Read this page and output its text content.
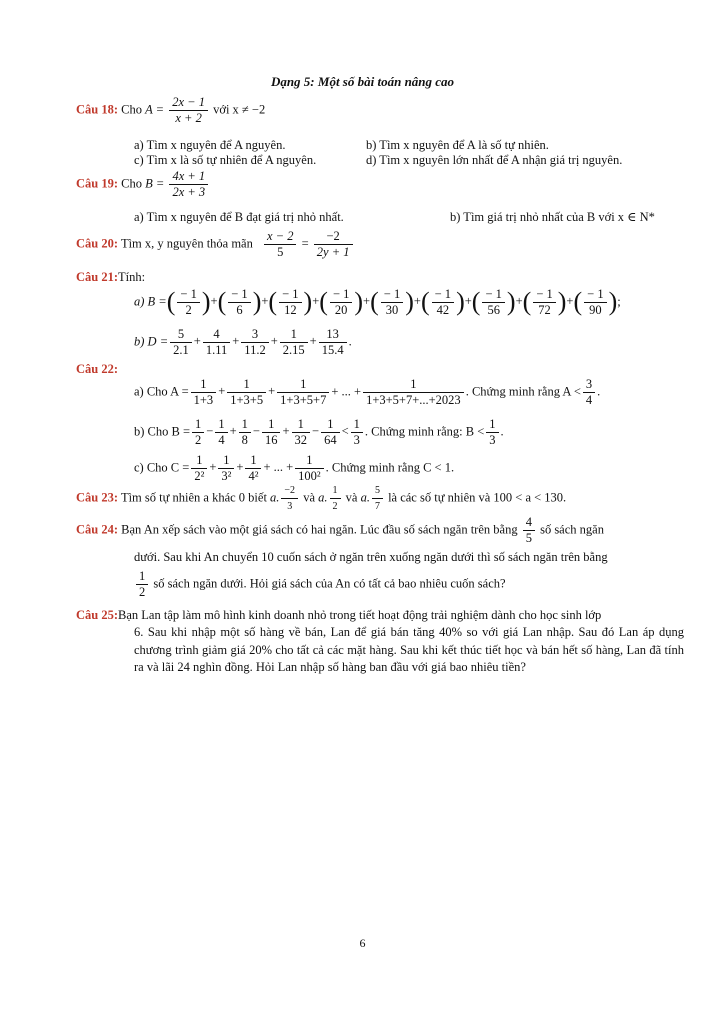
Dạng 5: Một số bài toán nâng cao
Câu 18: Cho $A = \frac{2x - 1}{x + 2}$ với x ≠ −2
a) Tìm x nguyên để A nguyên.	b) Tìm x nguyên để A là số tự nhiên.
c) Tìm x là số tự nhiên để A nguyên.	d) Tìm x nguyên lớn nhất để A nhận giá trị nguyên.
Câu 19: Cho $B = \frac{4x + 1}{2x + 3}$
a) Tìm x nguyên để B đạt giá trị nhỏ nhất.	b) Tìm giá trị nhỏ nhất của B với x ∈ N*
Câu 20: Tìm x, y nguyên thỏa mãn $\frac{x - 2}{5} = \frac{-2}{2y + 1}$
Câu 21:Tính:
a) B =( $\frac{- 1}{2}$ )+( $\frac{- 1}{6}$ )+( $\frac{- 1}{12}$ )+( $\frac{- 1}{20}$ )+( $\frac{- 1}{30}$ )+( $\frac{- 1}{42}$ )+( $\frac{- 1}{56}$ )+( $\frac{- 1}{72}$ )+( $\frac{- 1}{90}$ );
b) $D = \frac{5}{2.1} + \frac{4}{1.11} + \frac{3}{11.2} + \frac{1}{2.15} + \frac{13}{15.4}$ .
Câu 22:
a) Cho $A = \frac{1}{1+3} + \frac{1}{1+3+5} + \frac{1}{1+3+5+7}$ + ... + $\frac{1}{1+3+5+7+...+2023}$ . Chứng minh rằng $A < \frac{3}{4}$ .
b) Cho $B = \frac{1}{2} - \frac{1}{4} + \frac{1}{8} - \frac{1}{16} + \frac{1}{32} - \frac{1}{64} < \frac{1}{3}$ . Chứng minh rằng: $B < \frac{1}{3}$ .
c) Cho $C = \frac{1}{\text{2²}} + \frac{1}{\text{3²}} + \frac{1}{\text{4²}}$ + ... + $\frac{1}{\text{100²}}$ . Chứng minh rằng C < 1.
Câu 23: Tìm số tự nhiên a khác 0 biết a. $\frac{-2}{3}$ và a. $\frac{1}{2}$ và a. $\frac{5}{7}$ là các số tự nhiên và 100 < a < 130.
Câu 24: Bạn An xếp sách vào một giá sách có hai ngăn. Lúc đầu số sách ngăn trên bằng $\frac{4}{5}$ số sách ngăn
dưới. Sau khi An chuyển 10 cuốn sách ở ngăn trên xuống ngăn dưới thì số sách ngăn trên bằng
$\frac{1}{2}$ số sách ngăn dưới. Hỏi giá sách của An có tất cả bao nhiêu cuốn sách?
Câu 25:Bạn Lan tập làm mô hình kinh doanh nhỏ trong tiết hoạt động trải nghiệm dành cho học sinh lớp
6. Sau khi nhập một số hàng về bán, Lan để giá bán tăng 40% so với giá Lan nhập. Sau đó Lan áp dụng chương trình giảm giá 20% cho tất cả các mặt hàng. Sau khi kết thúc tiết học và bán hết số hàng, Lan đã tính ra và lãi 24 nghìn đồng. Hỏi Lan nhập số hàng ban đầu với giá bao nhiêu tiền?
6
